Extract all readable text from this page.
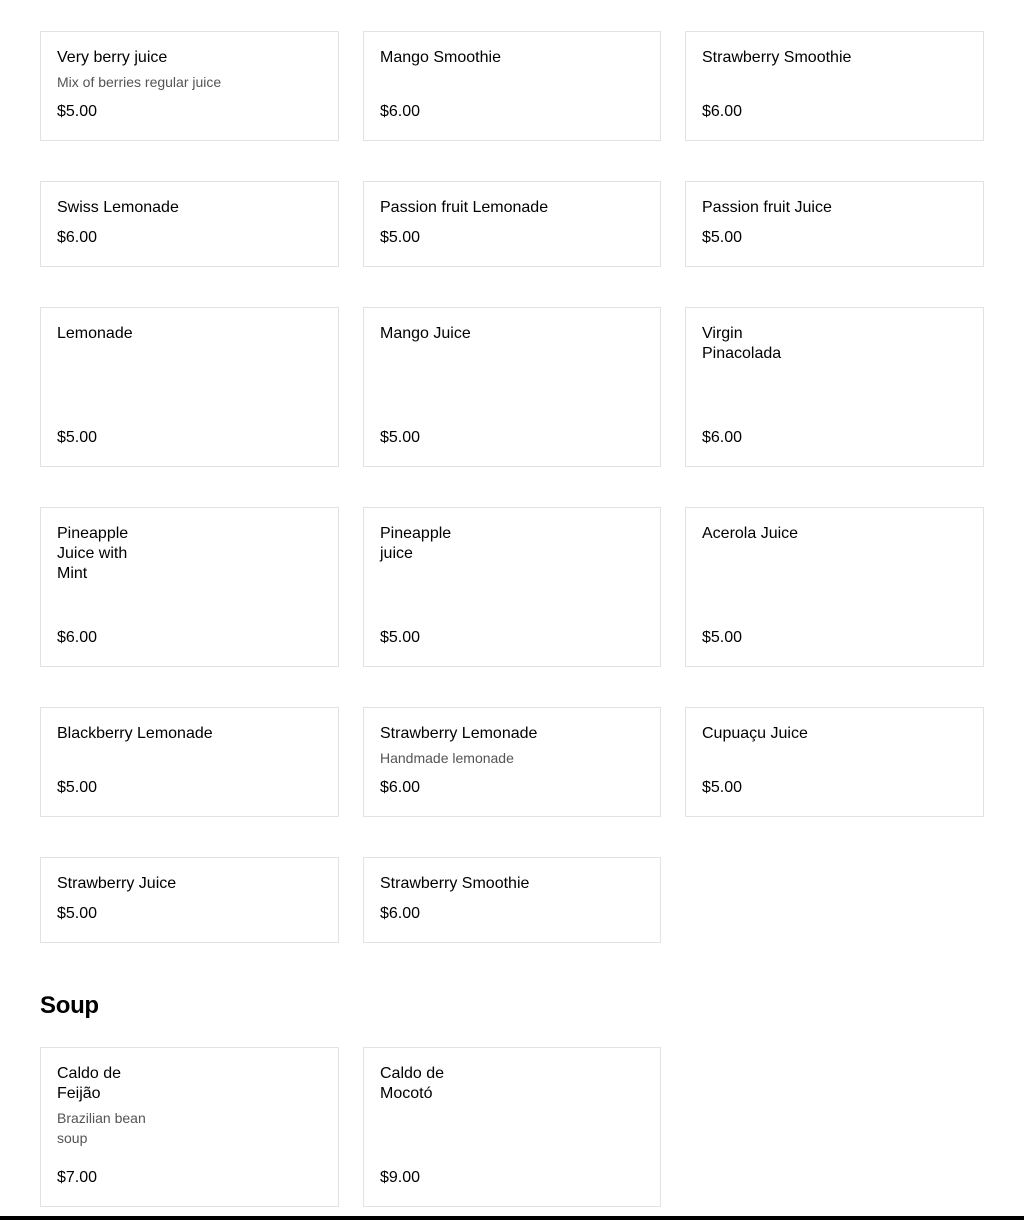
Very berry juice
Mix of berries regular juice
$5.00
Mango Smoothie
$6.00
Strawberry Smoothie
$6.00
Swiss Lemonade
$6.00
Passion fruit Lemonade
$5.00
Passion fruit Juice
$5.00
Lemonade
$5.00
Mango Juice
$5.00
Virgin Pinacolada
$6.00
Pineapple Juice with Mint
$6.00
Pineapple juice
$5.00
Acerola Juice
$5.00
Blackberry Lemonade
$5.00
Strawberry Lemonade
Handmade lemonade
$6.00
Cupuaçu Juice
$5.00
Strawberry Juice
$5.00
Strawberry Smoothie
$6.00
Soup
Caldo de Feijão
Brazilian bean soup
$7.00
Caldo de Mocotó
$9.00
